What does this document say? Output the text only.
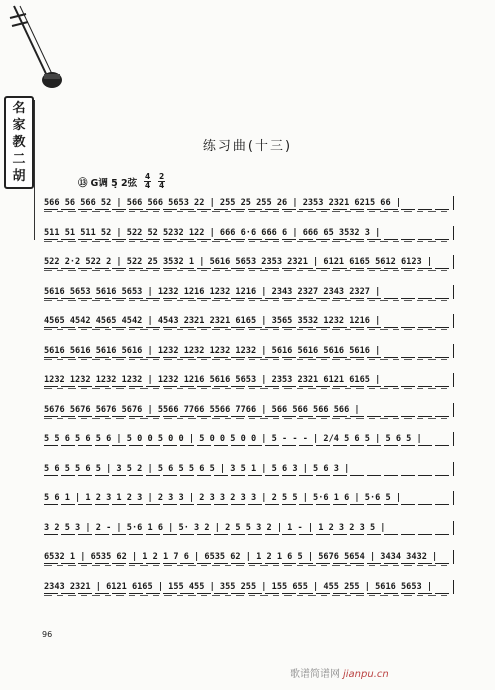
名
家
教
二
胡
练习曲(十三)
⑬ G调 5̣ 2弦
4
4
2
4
566 56 566 52 | 566 566 5653 22 | 255 25 255 26 | 2353 2321 6215 66 |
511 51 511 52 | 522 52 5232 122 | 666 6·6 666 6 | 666 65 3532 3 |
522 2·2 522 2 | 522 25 3532 1 | 5616 5653 2353 2321 | 6121 6165 5612 6123 |
5616 5653 5616 5653 | 1232 1216 1232 1216 | 2343 2327 2343 2327 |
4565 4542 4565 4542 | 4543 2321 2321 6165 | 3565 3532 1232 1216 |
5616 5616 5616 5616 | 1232 1232 1232 1232 | 5616 5616 5616 5616 |
1232 1232 1232 1232 | 1232 1216 5616 5653 | 2353 2321 6121 6165 |
5676 5676 5676 5676 | 5566 7766 5566 7766 | 566 566 566 566 |
5 5 6 5 6 5 6 | 5 0 0 5 0 0 | 5 0 0 5 0 0 | 5 - - - | 2/4 5 6 5 | 5 6 5 |
5 6 5 5 6 5 | 3 5 2 | 5 6 5 5 6 5 | 3 5 1 | 5 6 3 | 5 6 3 |
5 6 1 | 1 2 3 1 2 3 | 2 3 3 | 2 3 3 2 3 3 | 2 5 5 | 5·6 1 6 | 5·6 5 |
3 2 5 3 | 2 - | 5·6 1 6 | 5· 3 2 | 2 5 5 3 2 | 1 - | 1 2 3 2 3 5 |
6532 1 | 6535 62 | 1 2 1 7 6 | 6535 62 | 1 2 1 6 5 | 5676 5654 | 3434 3432 |
2343 2321 | 6121 6165 | 155 455 | 355 255 | 155 655 | 455 255 | 5616 5653 |
96
歌谱简谱网 jianpu.cn
